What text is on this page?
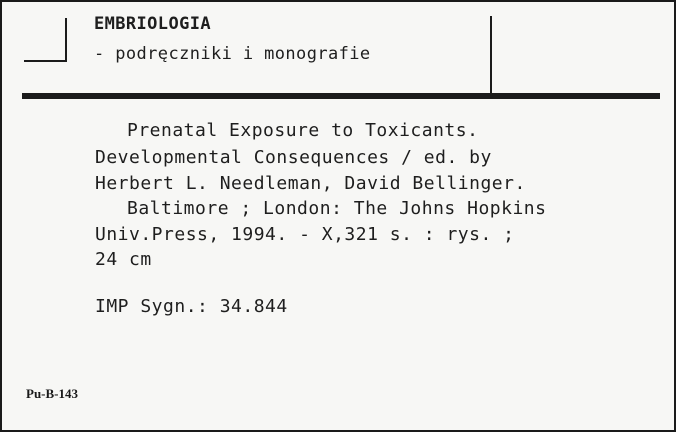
EMBRIOLOGIA
- podręczniki i monografie
Prenatal Exposure to Toxicants.
Developmental Consequences / ed. by
Herbert L. Needleman, David Bellinger.
Baltimore ; London: The Johns Hopkins
Univ.Press, 1994. - X,321 s. : rys. ;
24 cm
IMP Sygn.: 34.844
Pu-B-143
